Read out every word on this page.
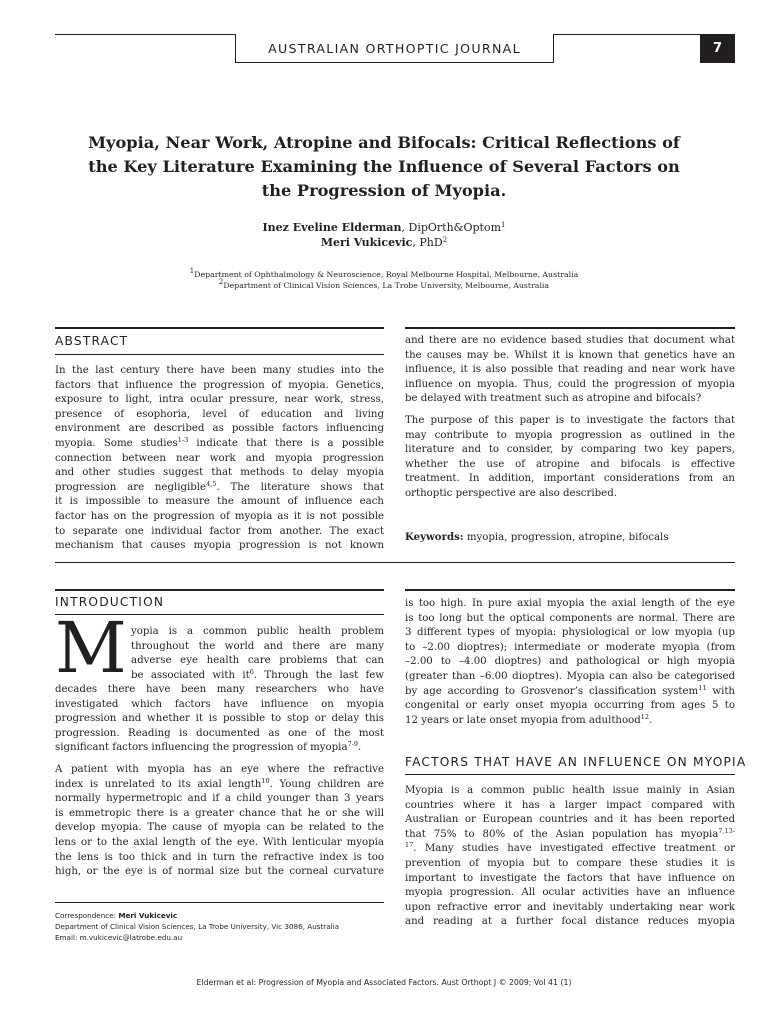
AUSTRALIAN ORTHOPTIC JOURNAL	7
Myopia, Near Work, Atropine and Bifocals: Critical Reflections of
the Key Literature Examining the Influence of Several Factors on
the Progression of Myopia.
Inez Eveline Elderman, DipOrth&Optom$^1$
Meri Vukicevic, PhD$^2$
$^1$Department of Ophthalmology & Neuroscience, Royal Melbourne Hospital, Melbourne, Australia
$^2$Department of Clinical Vision Sciences, La Trobe University, Melbourne, Australia
ABSTRACT
In the last century there have been many studies into the
factors that influence the progression of myopia. Genetics,
exposure to light, intra ocular pressure, near work, stress,
presence of esophoria, level of education and living
environment are described as possible factors influencing
myopia. Some studies$^{1-3}$ indicate that there is a possible
connection between near work and myopia progression
and other studies suggest that methods to delay myopia
progression are negligible$^{4,5}$. The literature shows that
it is impossible to measure the amount of influence each
factor has on the progression of myopia as it is not possible
to separate one individual factor from another. The exact
mechanism that causes myopia progression is not known

and there are no evidence based studies that document what
the causes may be. Whilst it is known that genetics have an
influence, it is also possible that reading and near work have
influence on myopia. Thus, could the progression of myopia
be delayed with treatment such as atropine and bifocals?

The purpose of this paper is to investigate the factors that
may contribute to myopia progression as outlined in the
literature and to consider, by comparing two key papers,
whether the use of atropine and bifocals is effective
treatment. In addition, important considerations from an
orthoptic perspective are also described.

Keywords: myopia, progression, atropine, bifocals
INTRODUCTION
M yopia is a common public health problem
throughout the world and there are many
adverse eye health care problems that can
be associated with $it^6$. Through the last few
decades there have been many researchers who have
investigated which factors have influence on myopia
progression and whether it is possible to stop or delay this
progression. Reading is documented as one of the most
significant factors influencing the progression of myopia$^{7-9}$.
A patient with myopia has an eye where the refractive
index is unrelated to its axial length$^{10}$. Young children are
normally hypermetropic and if a child younger than 3 years
is emmetropic there is a greater chance that he or she will
develop myopia. The cause of myopia can be related to the
lens or to the axial length of the eye. With lenticular myopia
the lens is too thick and in turn the refractive index is too
high, or the eye is of normal size but the corneal curvature
is too high. In pure axial myopia the axial length of the eye
is too long but the optical components are normal. There are
3 different types of myopia: physiological or low myopia (up
to –2.00 dioptres); intermediate or moderate myopia (from
–2.00 to –4.00 dioptres) and pathological or high myopia
(greater than –6.00 dioptres). Myopia can also be categorised
by age according to Grosvenor’s classification system$^{11}$ with
congenital or early onset myopia occurring from ages 5 to
12 years or late onset myopia from adulthood$^{12}$.
FACTORS THAT HAVE AN INFLUENCE ON MYOPIA
Myopia is a common public health issue mainly in Asian
countries where it has a larger impact compared with
Australian or European countries and it has been reported
that 75% to 80% of the Asian population has myopia$^{7,13-}$
$^{17}$. Many studies have investigated effective treatment or
prevention of myopia but to compare these studies it is
important to investigate the factors that have influence on
myopia progression. All ocular activities have an influence
upon refractive error and inevitably undertaking near work
and reading at a further focal distance reduces myopia
Correspondence: Meri Vukicevic
Department of Clinical Vision Sciences, La Trobe University, Vic 3086, Australia
Email: m.vukicevic@latrobe.edu.au
Elderman et al: Progression of Myopia and Associated Factors. Aust Orthopt J © 2009; Vol 41 (1)
